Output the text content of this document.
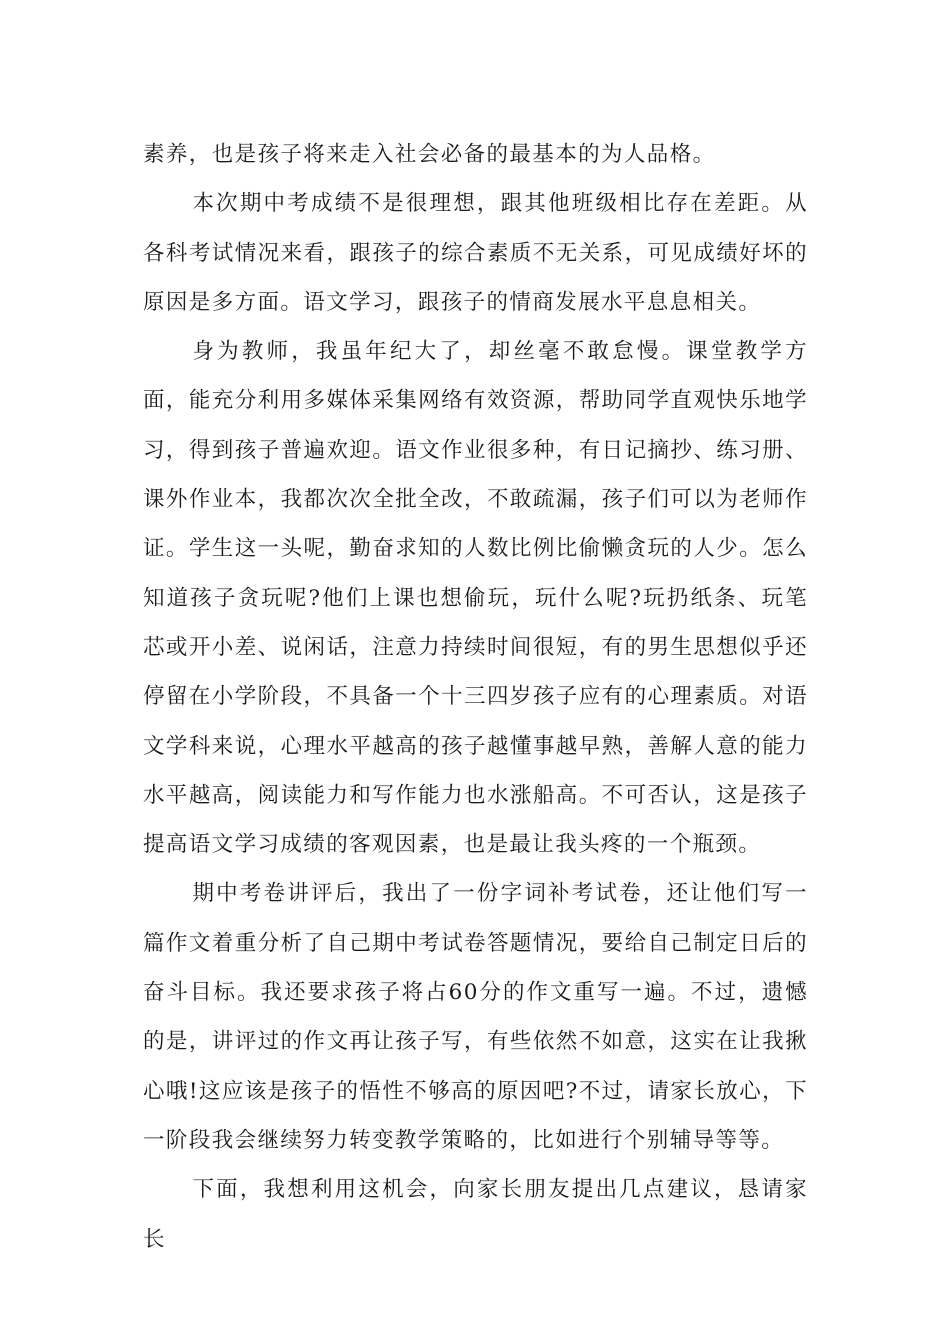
素养，也是孩子将来走入社会必备的最基本的为人品格。

本次期中考成绩不是很理想，跟其他班级相比存在差距。从各科考试情况来看，跟孩子的综合素质不无关系，可见成绩好坏的原因是多方面。语文学习，跟孩子的情商发展水平息息相关。

身为教师，我虽年纪大了，却丝毫不敢怠慢。课堂教学方面，能充分利用多媒体采集网络有效资源，帮助同学直观快乐地学习，得到孩子普遍欢迎。语文作业很多种，有日记摘抄、练习册、课外作业本，我都次次全批全改，不敢疏漏，孩子们可以为老师作证。学生这一头呢，勤奋求知的人数比例比偷懒贪玩的人少。怎么知道孩子贪玩呢?他们上课也想偷玩，玩什么呢?玩扔纸条、玩笔芯或开小差、说闲话，注意力持续时间很短，有的男生思想似乎还停留在小学阶段，不具备一个十三四岁孩子应有的心理素质。对语文学科来说，心理水平越高的孩子越懂事越早熟，善解人意的能力水平越高，阅读能力和写作能力也水涨船高。不可否认，这是孩子提高语文学习成绩的客观因素，也是最让我头疼的一个瓶颈。

期中考卷讲评后，我出了一份字词补考试卷，还让他们写一篇作文着重分析了自己期中考试卷答题情况，要给自己制定日后的奋斗目标。我还要求孩子将占60分的作文重写一遍。不过，遗憾的是，讲评过的作文再让孩子写，有些依然不如意，这实在让我揪心哦!这应该是孩子的悟性不够高的原因吧?不过，请家长放心，下一阶段我会继续努力转变教学策略的，比如进行个别辅导等等。

下面，我想利用这机会，向家长朋友提出几点建议，恳请家长
